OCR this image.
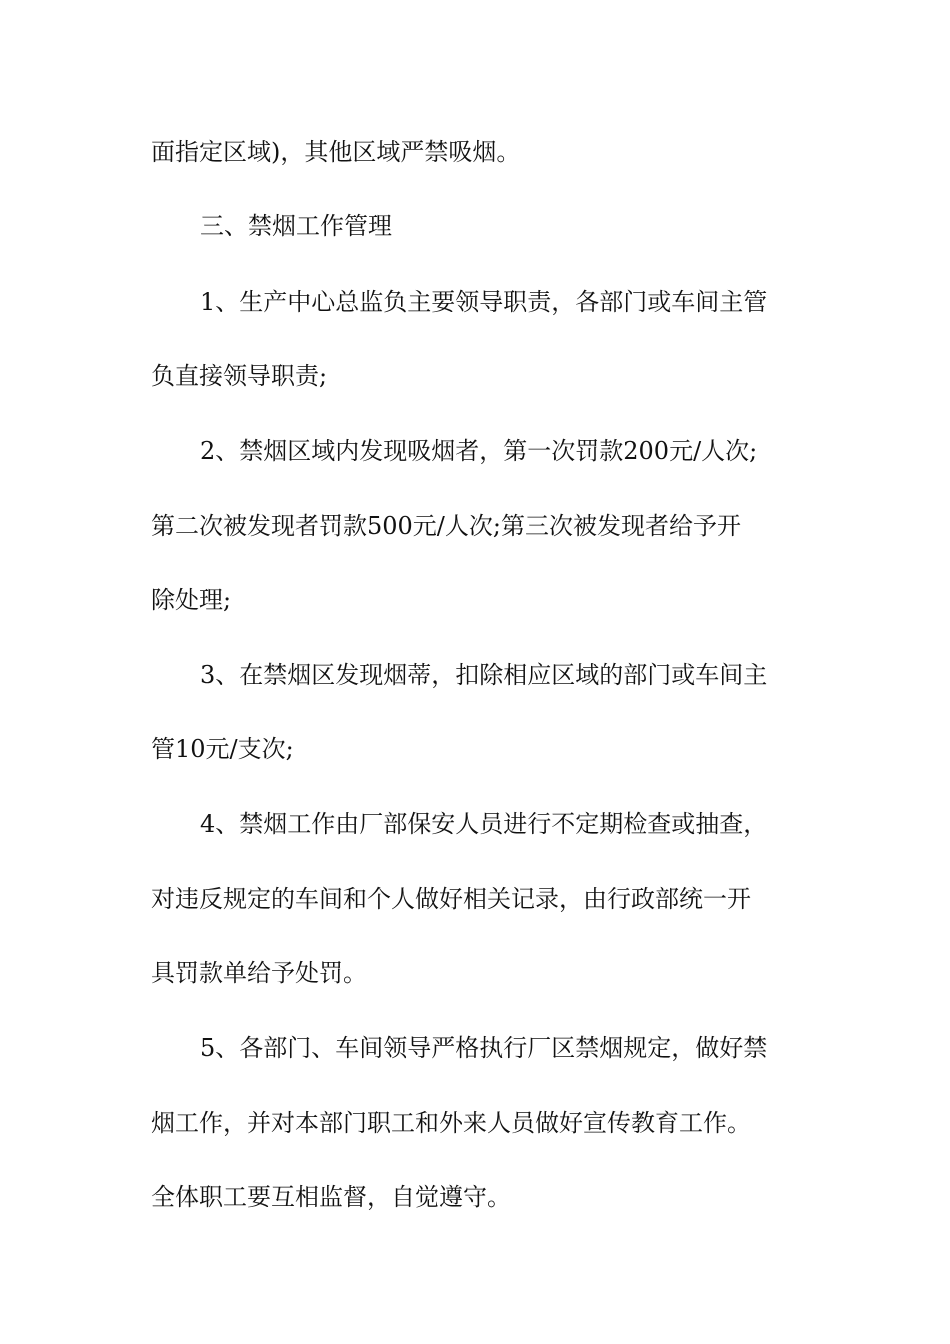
面指定区域)，其他区域严禁吸烟。
三、禁烟工作管理
1、生产中心总监负主要领导职责，各部门或车间主管
负直接领导职责;
2、禁烟区域内发现吸烟者，第一次罚款200元/人次;
第二次被发现者罚款500元/人次;第三次被发现者给予开
除处理;
3、在禁烟区发现烟蒂，扣除相应区域的部门或车间主
管10元/支次;
4、禁烟工作由厂部保安人员进行不定期检查或抽查，
对违反规定的车间和个人做好相关记录，由行政部统一开
具罚款单给予处罚。
5、各部门、车间领导严格执行厂区禁烟规定，做好禁
烟工作，并对本部门职工和外来人员做好宣传教育工作。
全体职工要互相监督，自觉遵守。
